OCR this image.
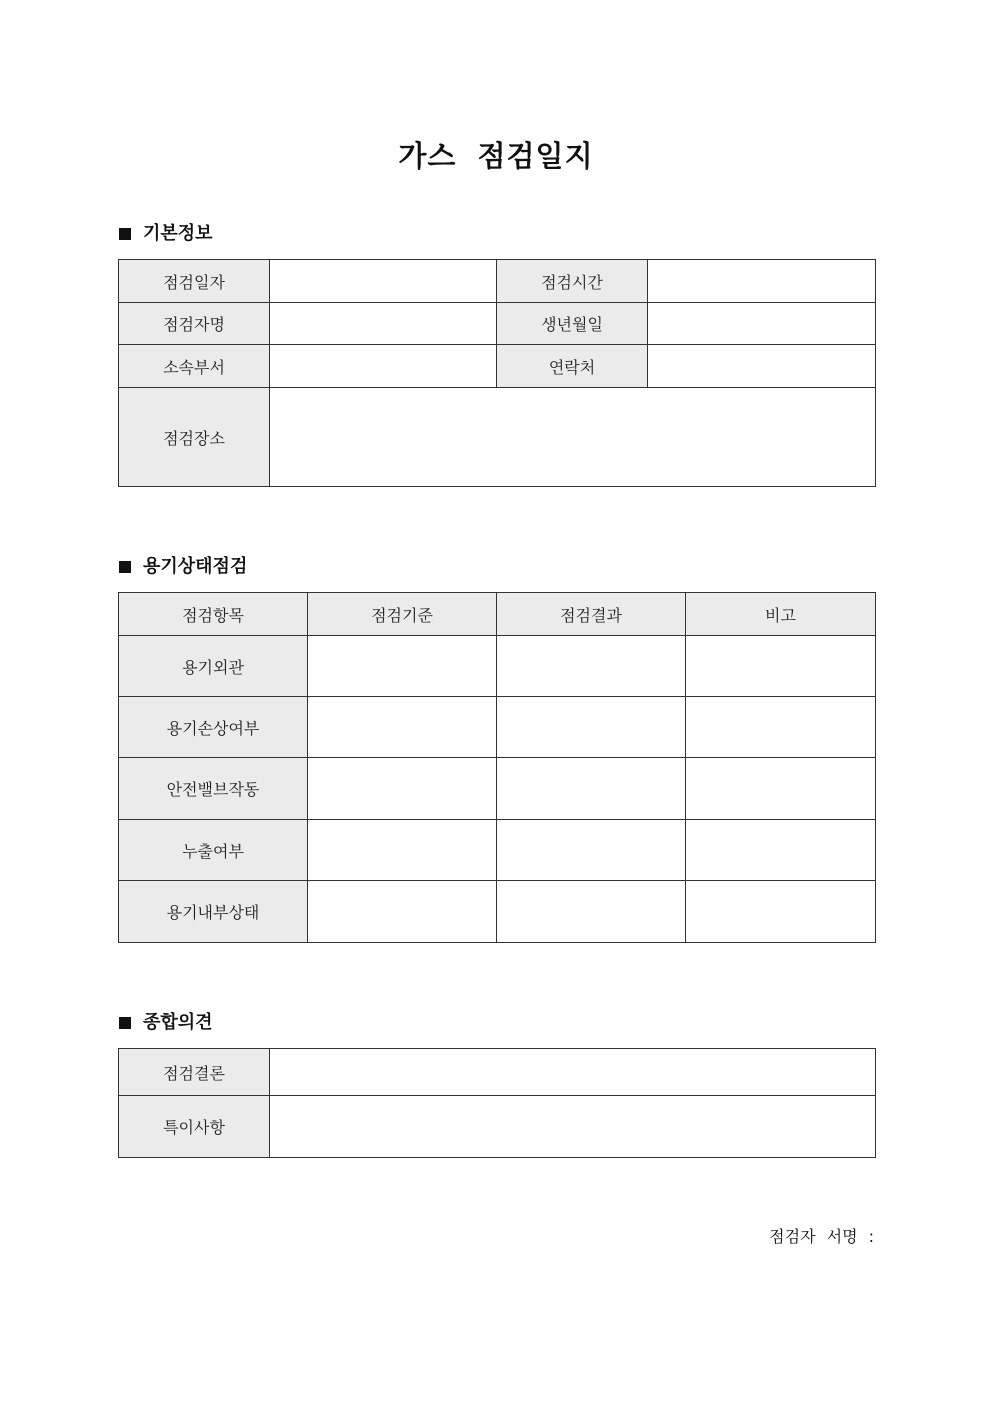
가스 점검일지
기본정보
점검일자		점검시간	
점검자명		생년월일	
소속부서		연락처	
점검장소			
용기상태점검
점검항목	점검기준	점검결과	비고
용기외관			
용기손상여부			
안전밸브작동			
누출여부			
용기내부상태			
종합의견
점검결론	
특이사항	
점검자 서명 :
